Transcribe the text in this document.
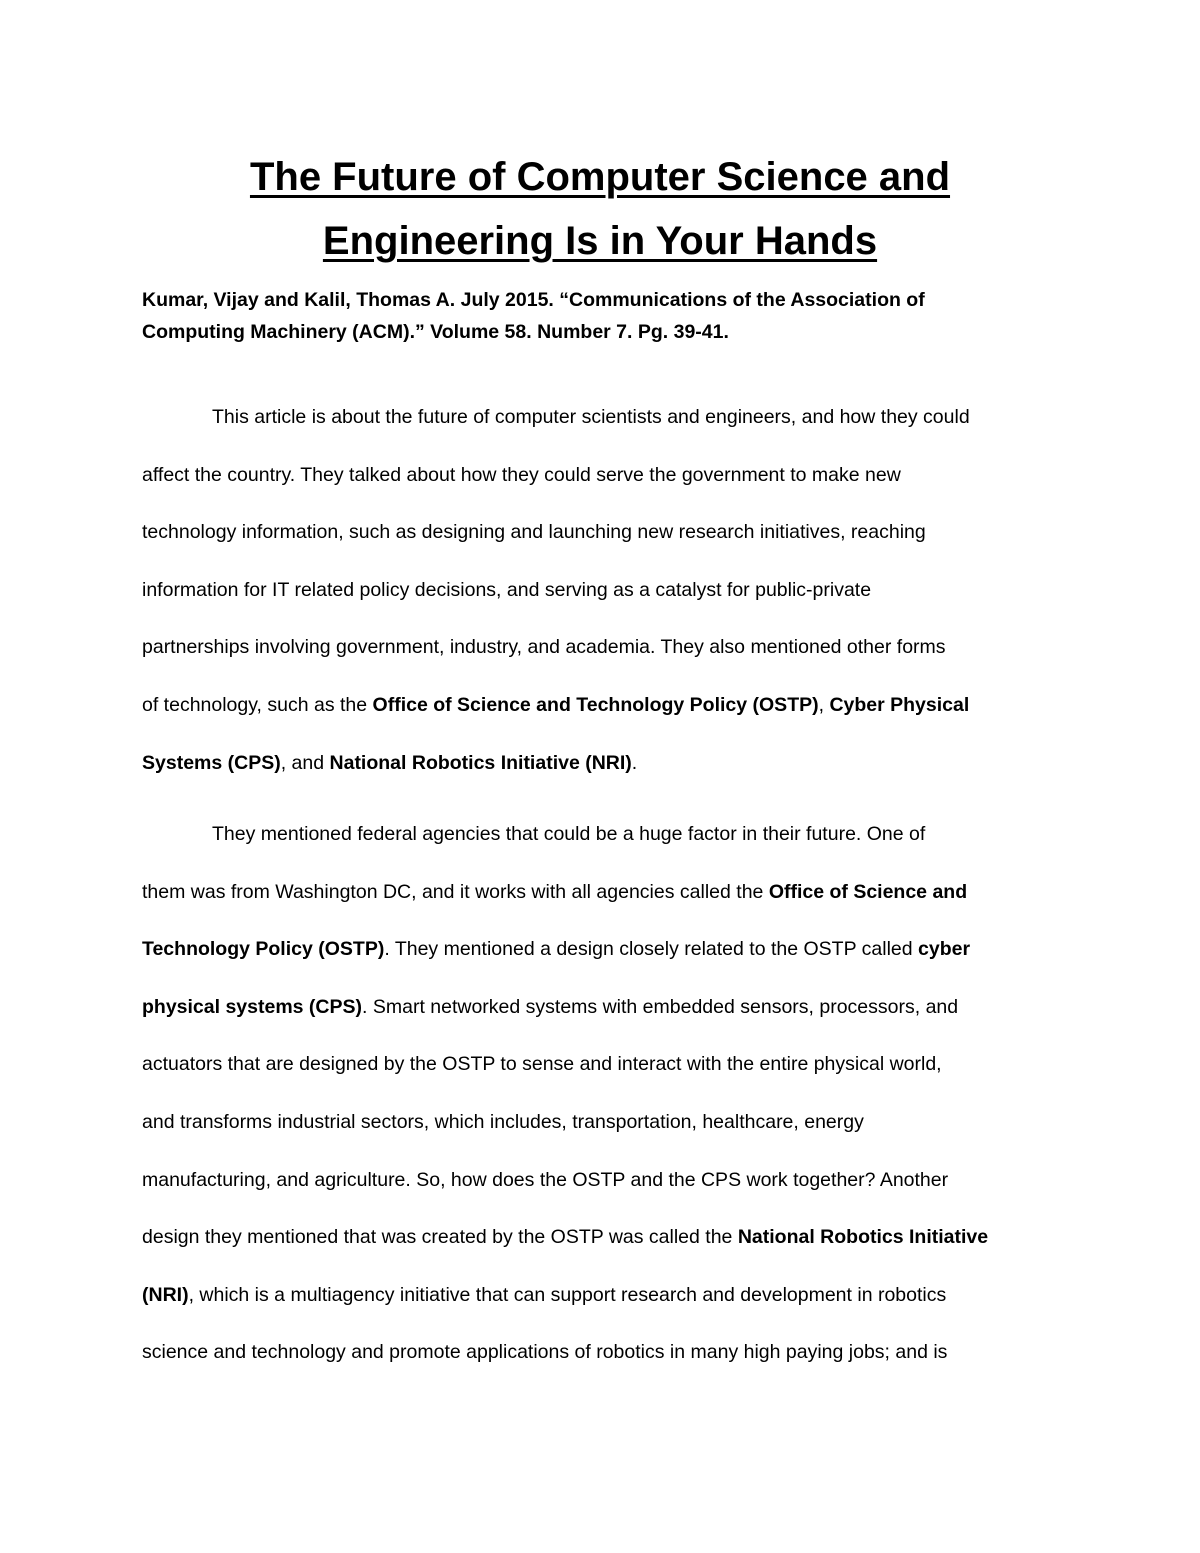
The Future of Computer Science and
Engineering Is in Your Hands

Kumar, Vijay and Kalil, Thomas A. July 2015. “Communications of the Association of
Computing Machinery (ACM).” Volume 58. Number 7. Pg. 39-41.

This article is about the future of computer scientists and engineers, and how they could
affect the country. They talked about how they could serve the government to make new
technology information, such as designing and launching new research initiatives, reaching
information for IT related policy decisions, and serving as a catalyst for public-private
partnerships involving government, industry, and academia. They also mentioned other forms
of technology, such as the Office of Science and Technology Policy (OSTP), Cyber Physical
Systems (CPS), and National Robotics Initiative (NRI).

They mentioned federal agencies that could be a huge factor in their future. One of
them was from Washington DC, and it works with all agencies called the Office of Science and
Technology Policy (OSTP). They mentioned a design closely related to the OSTP called cyber
physical systems (CPS). Smart networked systems with embedded sensors, processors, and
actuators that are designed by the OSTP to sense and interact with the entire physical world,
and transforms industrial sectors, which includes, transportation, healthcare, energy
manufacturing, and agriculture. So, how does the OSTP and the CPS work together? Another
design they mentioned that was created by the OSTP was called the National Robotics Initiative
(NRI), which is a multiagency initiative that can support research and development in robotics
science and technology and promote applications of robotics in many high paying jobs; and is
